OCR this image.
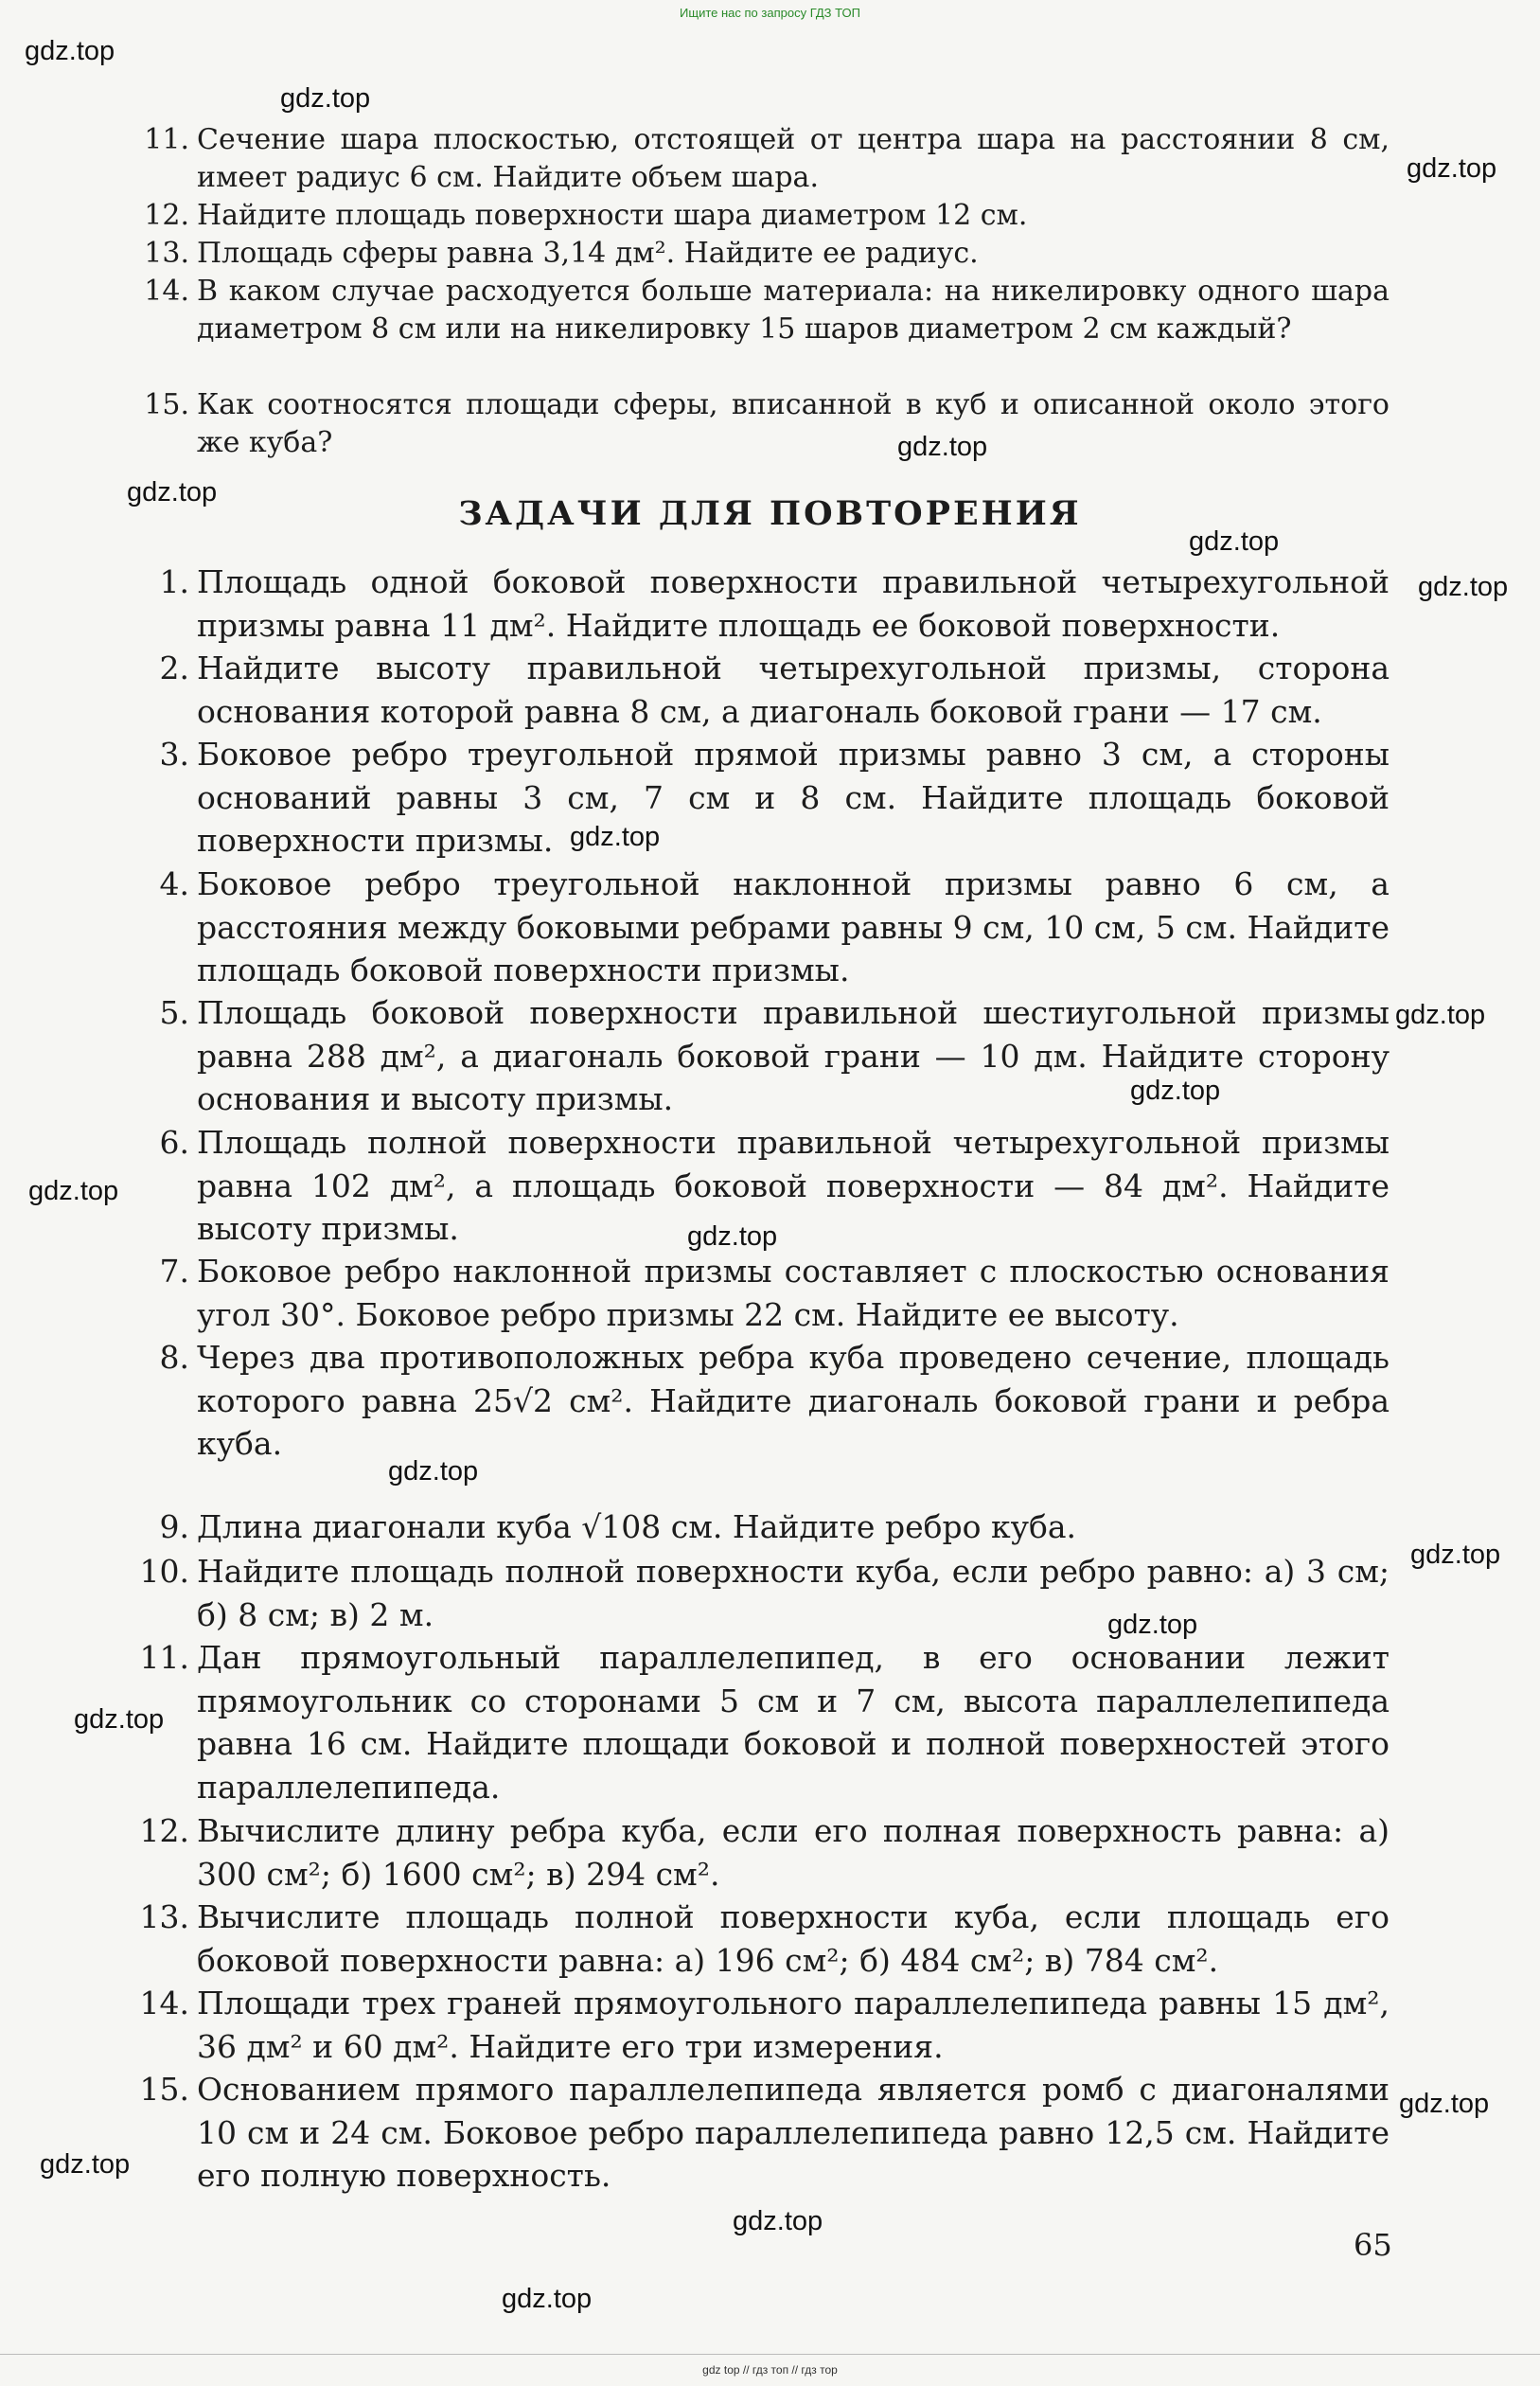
Ищите нас по запросу ГДЗ ТОП
gdz.top
gdz.top
gdz.top
gdz.top
gdz.top
gdz.top
gdz.top
gdz.top
gdz.top
gdz.top
gdz.top
gdz.top
gdz.top
gdz.top
gdz.top
gdz.top
gdz.top
gdz.top
gdz.top
gdz.top
11. Сечение шара плоскостью, отстоящей от центра шара на расстоянии 8 см, имеет радиус 6 см. Найдите объем шара.
12. Найдите площадь поверхности шара диаметром 12 см.
13. Площадь сферы равна 3,14 дм². Найдите ее радиус.
14. В каком случае расходуется больше материала: на никелировку одного шара диаметром 8 см или на никелировку 15 шаров диаметром 2 см каждый?
15. Как соотносятся площади сферы, вписанной в куб и описанной около этого же куба?
ЗАДАЧИ ДЛЯ ПОВТОРЕНИЯ
1. Площадь одной боковой поверхности правильной четырехугольной призмы равна 11 дм². Найдите площадь ее боковой поверхности.
2. Найдите высоту правильной четырехугольной призмы, сторона основания которой равна 8 см, а диагональ боковой грани — 17 см.
3. Боковое ребро треугольной прямой призмы равно 3 см, а стороны оснований равны 3 см, 7 см и 8 см. Найдите площадь боковой поверхности призмы.
4. Боковое ребро треугольной наклонной призмы равно 6 см, а расстояния между боковыми ребрами равны 9 см, 10 см, 5 см. Найдите площадь боковой поверхности призмы.
5. Площадь боковой поверхности правильной шестиугольной призмы равна 288 дм², а диагональ боковой грани — 10 дм. Найдите сторону основания и высоту призмы.
6. Площадь полной поверхности правильной четырехугольной призмы равна 102 дм², а площадь боковой поверхности — 84 дм². Найдите высоту призмы.
7. Боковое ребро наклонной призмы составляет с плоскостью основания угол 30°. Боковое ребро призмы 22 см. Найдите ее высоту.
8. Через два противоположных ребра куба проведено сечение, площадь которого равна 25√2 см². Найдите диагональ боковой грани и ребра куба.
9. Длина диагонали куба √108 см. Найдите ребро куба.
10. Найдите площадь полной поверхности куба, если ребро равно: а) 3 см; б) 8 см; в) 2 м.
11. Дан прямоугольный параллелепипед, в его основании лежит прямоугольник со сторонами 5 см и 7 см, высота параллелепипеда равна 16 см. Найдите площади боковой и полной поверхностей этого параллелепипеда.
12. Вычислите длину ребра куба, если его полная поверхность равна: а) 300 см²; б) 1600 см²; в) 294 см².
13. Вычислите площадь полной поверхности куба, если площадь его боковой поверхности равна: а) 196 см²; б) 484 см²; в) 784 см².
14. Площади трех граней прямоугольного параллелепипеда равны 15 дм², 36 дм² и 60 дм². Найдите его три измерения.
15. Основанием прямого параллелепипеда является ромб с диагоналями 10 см и 24 см. Боковое ребро параллелепипеда равно 12,5 см. Найдите его полную поверхность.
65
gdz top // гдз топ // гдз тор
